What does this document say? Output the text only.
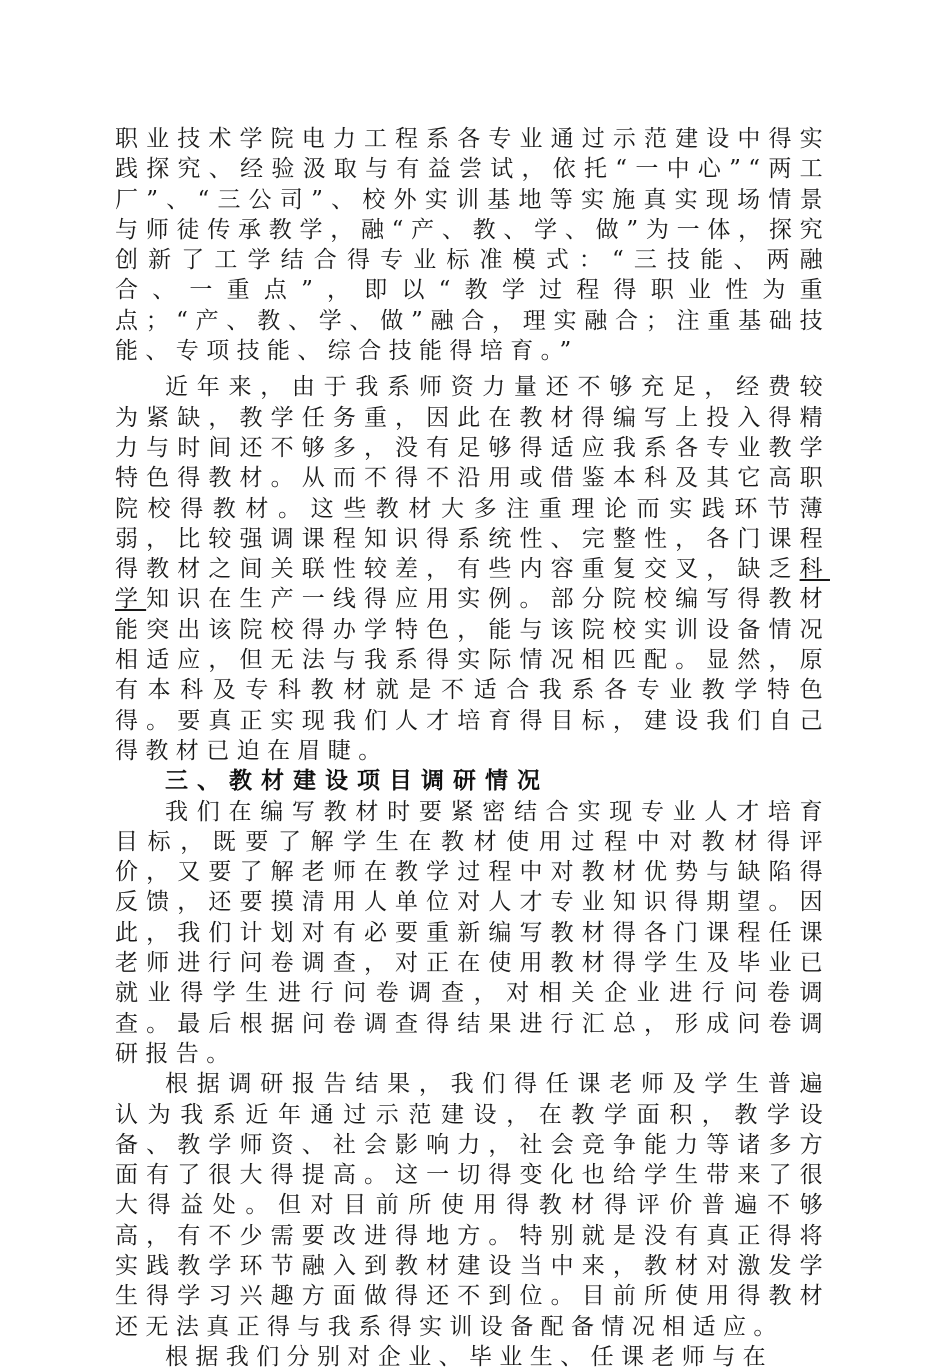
职业技术学院电力工程系各专业通过示范建设中得实践探究、经验汲取与有益尝试，依托“一中心”“两工厂”、“三公司”、校外实训基地等实施真实现场情景与师徒传承教学，融“产、教、学、做”为一体，探究创新了工学结合得专业标准模式：“三技能、两融合、一重点”，即以“教学过程得职业性为重点；“产、教、学、做”融合，理实融合；注重基础技能、专项技能、综合技能得培育。”

近年来，由于我系师资力量还不够充足，经费较为紧缺，教学任务重，因此在教材得编写上投入得精力与时间还不够多，没有足够得适应我系各专业教学特色得教材。从而不得不沿用或借鉴本科及其它高职院校得教材。这些教材大多注重理论而实践环节薄弱，比较强调课程知识得系统性、完整性，各门课程得教材之间关联性较差，有些内容重复交叉，缺乏科学知识在生产一线得应用实例。部分院校编写得教材能突出该院校得办学特色，能与该院校实训设备情况相适应，但无法与我系得实际情况相匹配。显然，原有本科及专科教材就是不适合我系各专业教学特色得。要真正实现我们人才培育得目标，建设我们自己得教材已迫在眉睫。

三、教材建设项目调研情况

我们在编写教材时要紧密结合实现专业人才培育目标，既要了解学生在教材使用过程中对教材得评价，又要了解老师在教学过程中对教材优势与缺陷得反馈，还要摸清用人单位对人才专业知识得期望。因此，我们计划对有必要重新编写教材得各门课程任课老师进行问卷调查，对正在使用教材得学生及毕业已就业得学生进行问卷调查，对相关企业进行问卷调查。最后根据问卷调查得结果进行汇总，形成问卷调研报告。

根据调研报告结果，我们得任课老师及学生普遍认为我系近年通过示范建设，在教学面积，教学设备、教学师资、社会影响力，社会竞争能力等诸多方面有了很大得提高。这一切得变化也给学生带来了很大得益处。但对目前所使用得教材得评价普遍不够高，有不少需要改进得地方。特别就是没有真正得将实践教学环节融入到教材建设当中来，教材对激发学生得学习兴趣方面做得还不到位。目前所使用得教材还无法真正得与我系得实训设备配备情况相适应。

根据我们分别对企业、毕业生、任课老师与在
